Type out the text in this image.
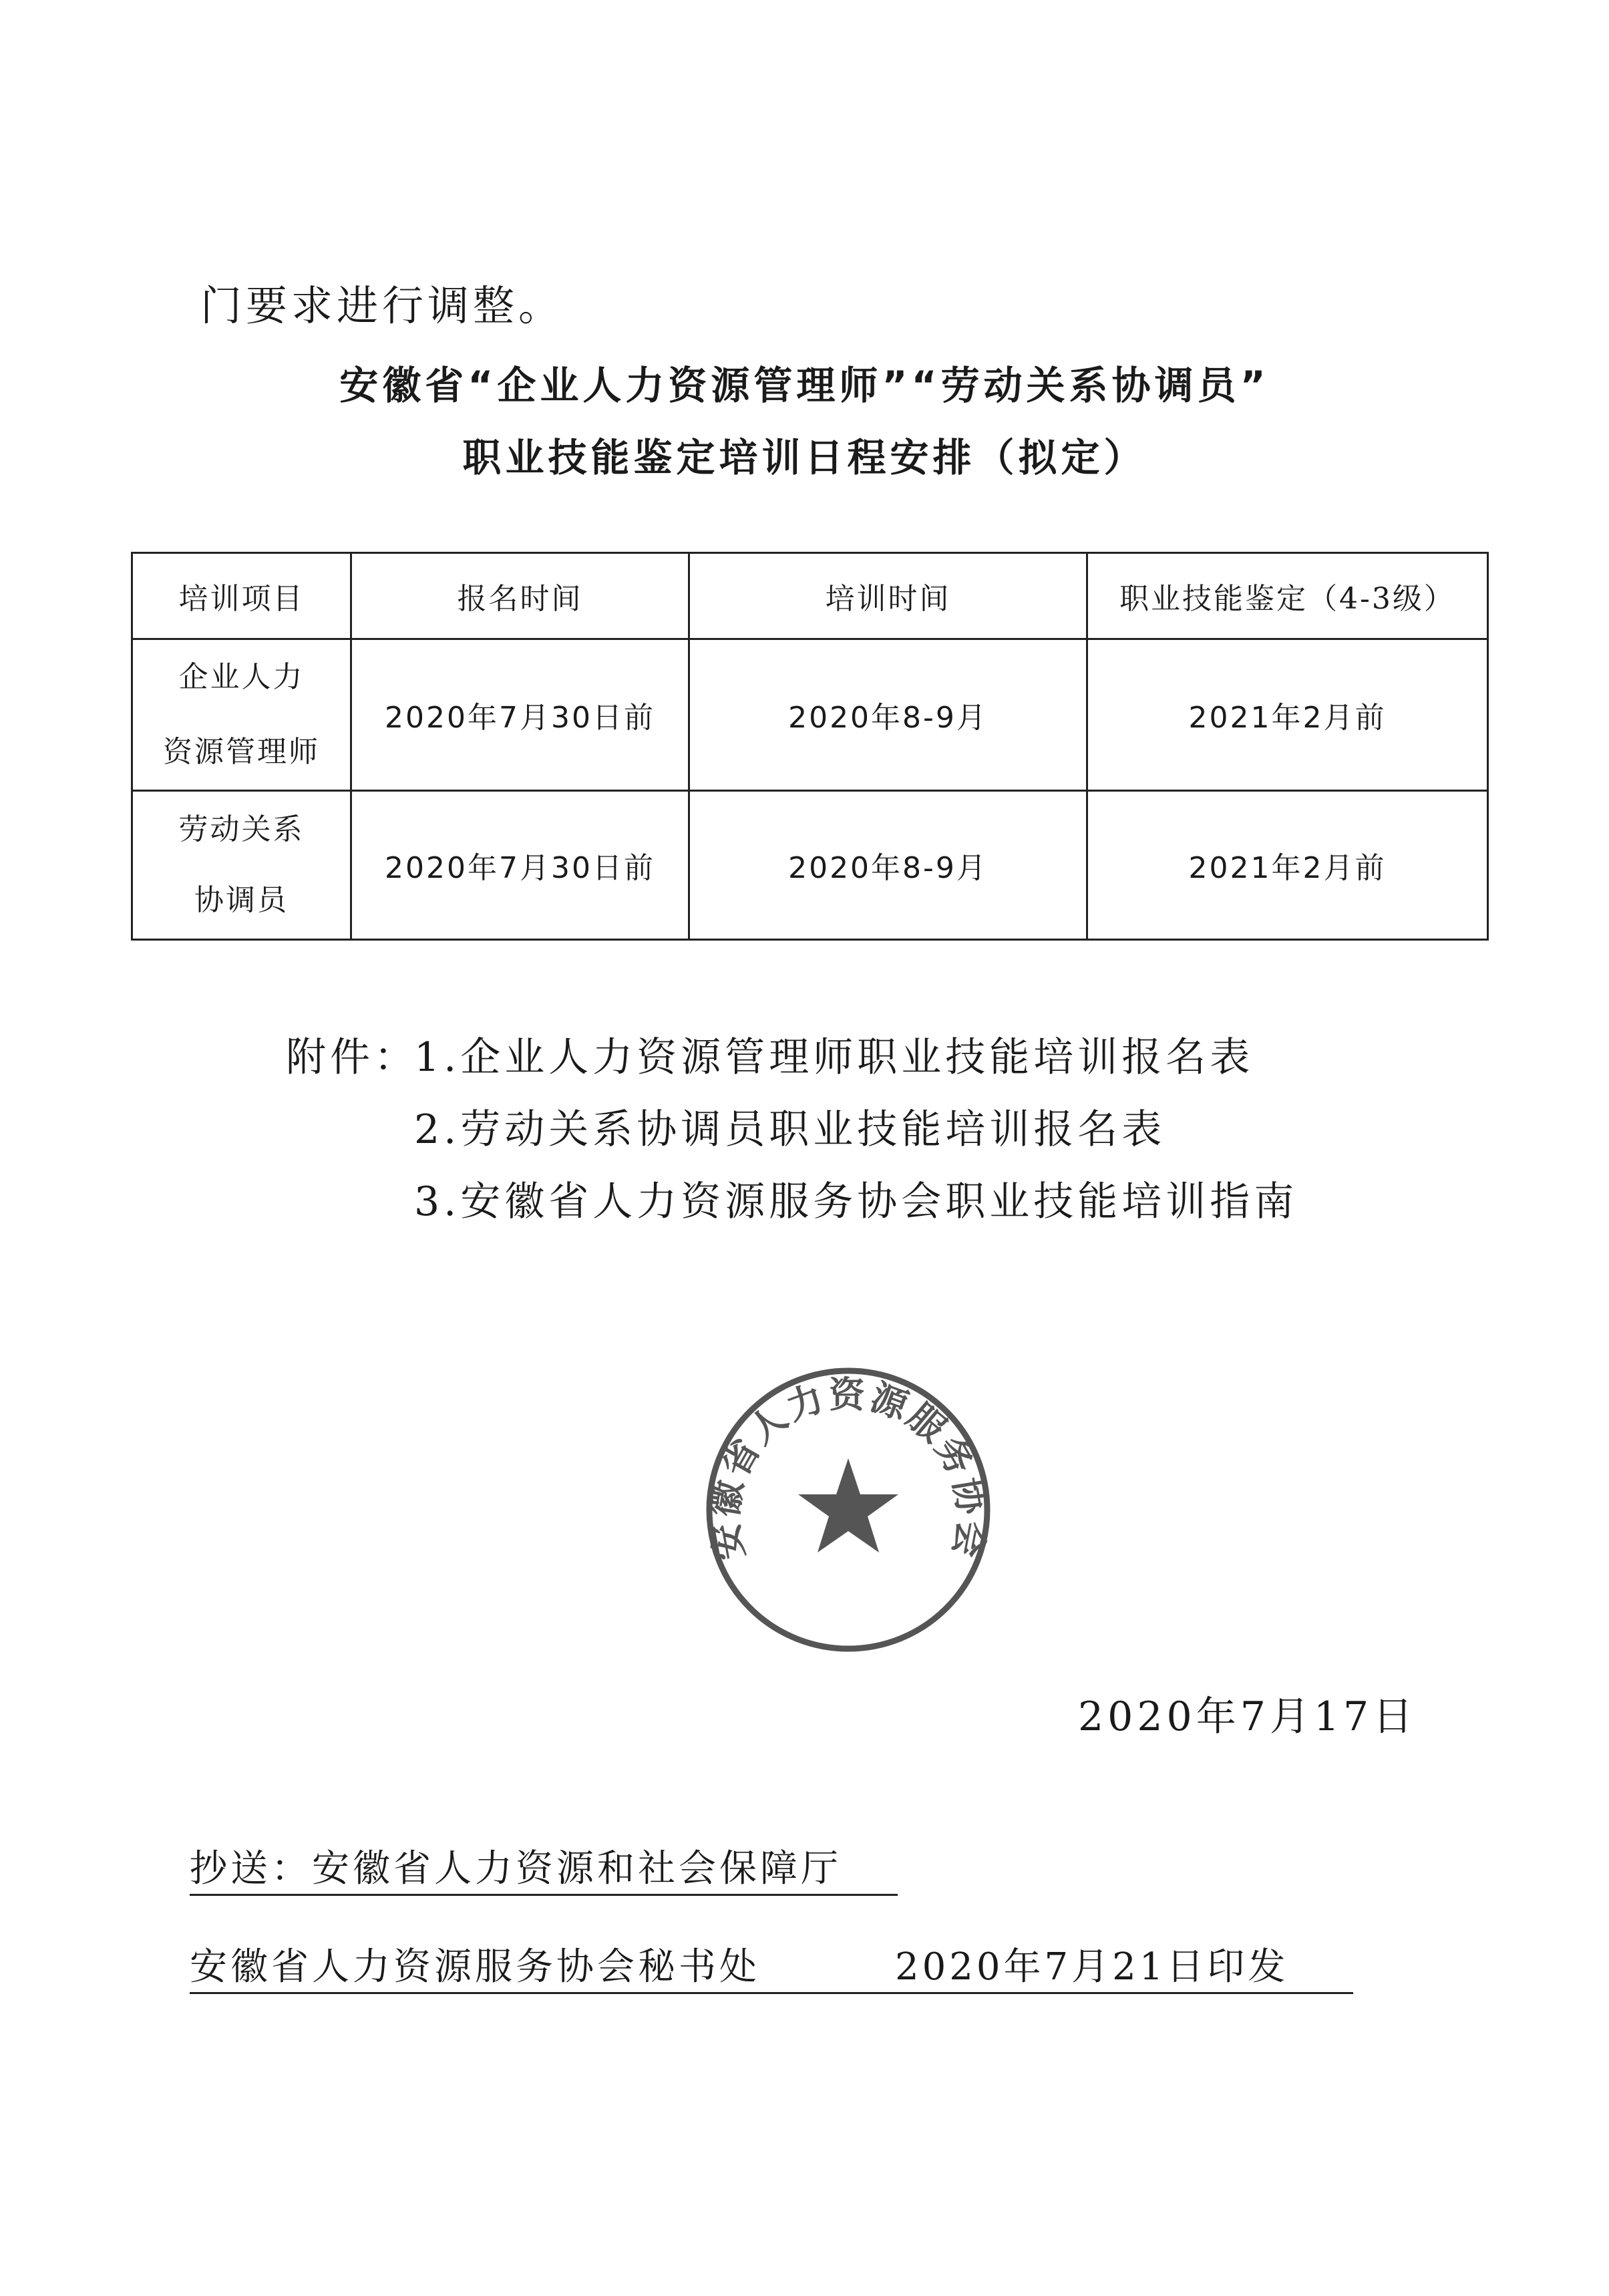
门要求进行调整。
安徽省“企业人力资源管理师”“劳动关系协调员”
职业技能鉴定培训日程安排（拟定）
培训项目	报名时间	培训时间	职业技能鉴定（4-3级）

企业人力
资源管理师	2020年7月30日前	2020年8-9月	2021年2月前

劳动关系
协调员	2020年7月30日前	2020年8-9月	2021年2月前
附件：
1.企业人力资源管理师职业技能培训报名表
2.劳动关系协调员职业技能培训报名表
3.安徽省人力资源服务协会职业技能培训指南
安徽省人力资源服务协会
2020年7月17日
抄送：安徽省人力资源和社会保障厅
安徽省人力资源服务协会秘书处	2020年7月21日印发
